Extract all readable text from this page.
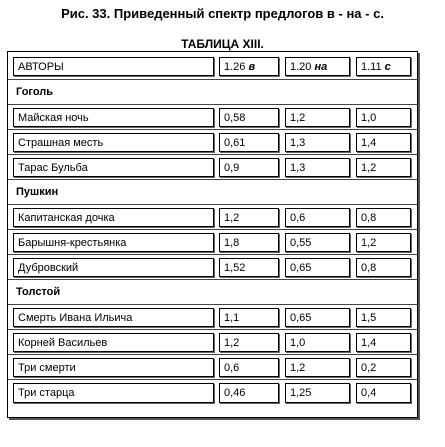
Рис. 33. Приведенный спектр предлогов в - на - с.
ТАБЛИЦА XIII.
АВТОРЫ	1.26 в	1.20 на	1.11 с
Гоголь
Майская ночь	0,58	1,2	1,0
Страшная месть	0,61	1,3	1,4
Тарас Бульба	0,9	1,3	1,2
Пушкин
Капитанская дочка	1,2	0,6	0,8
Барышня-крестьянка	1,8	0,55	1,2
Дубровский	1,52	0,65	0,8
Толстой
Смерть Ивана Ильича	1,1	0,65	1,5
Корней Васильев	1,2	1,0	1,4
Три смерти	0,6	1,2	0,2
Три старца	0,46	1,25	0,4
